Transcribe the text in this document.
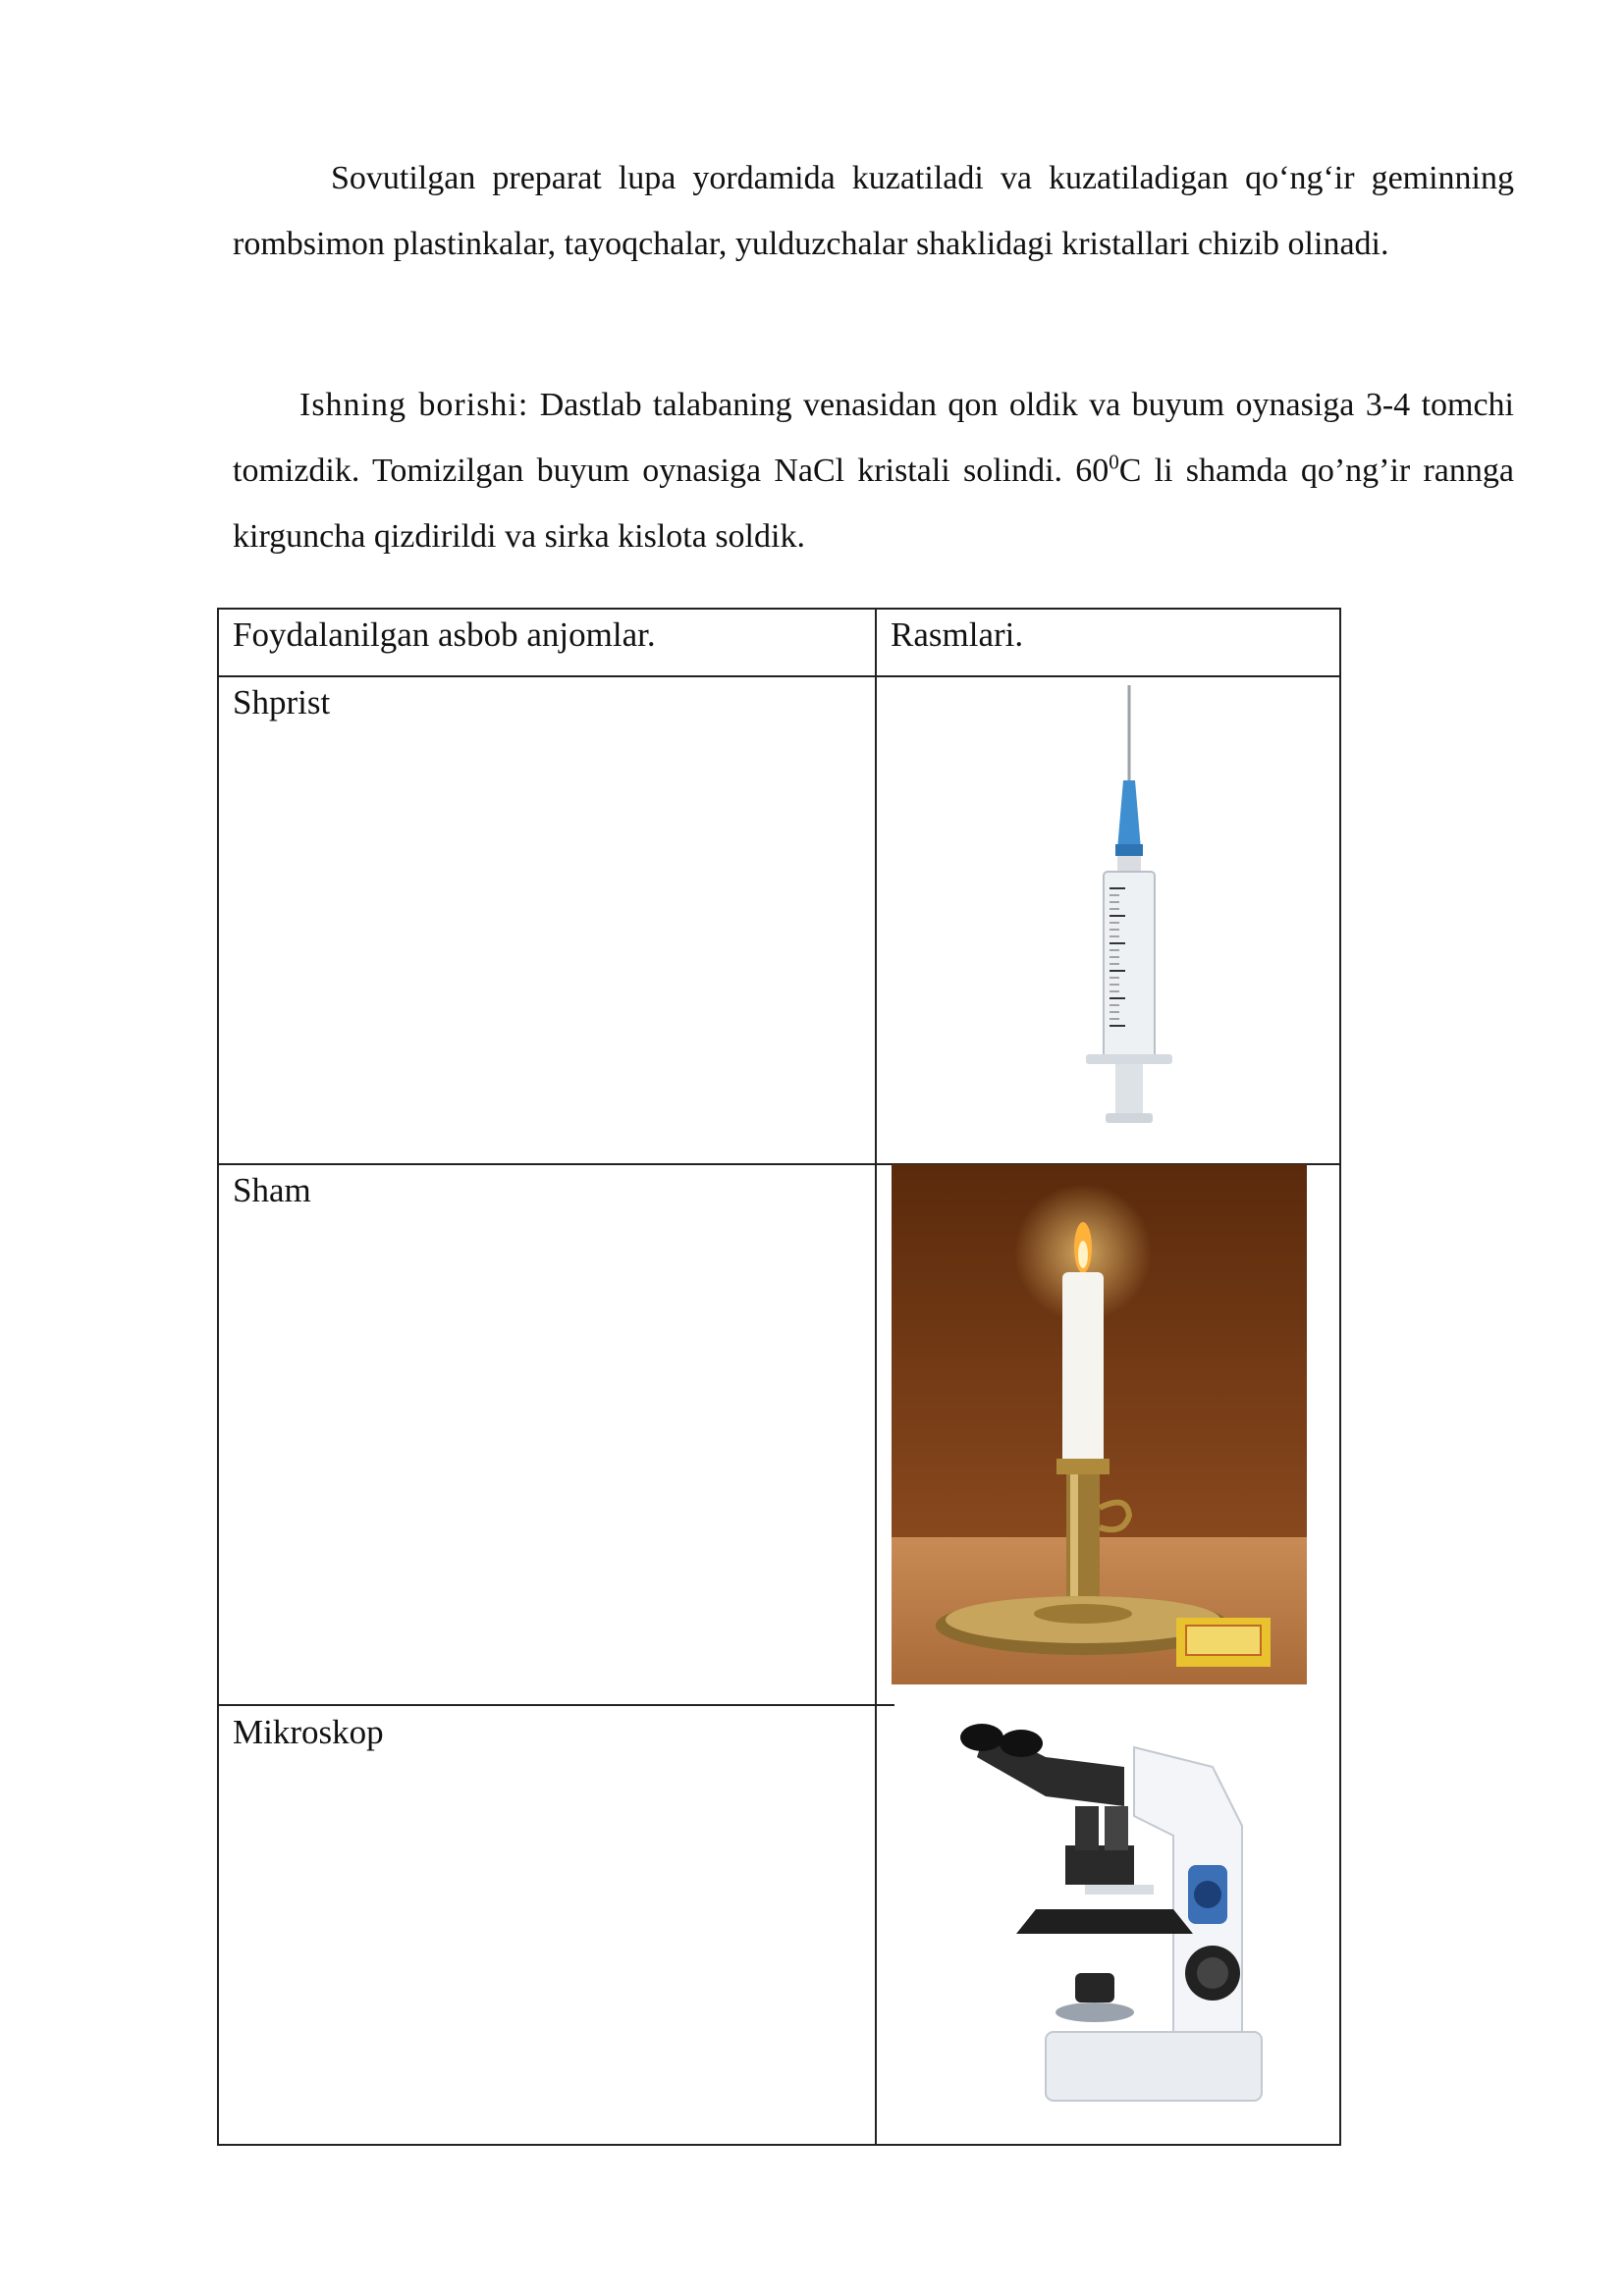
Sovutilgan preparat lupa yordamida kuzatiladi va kuzatiladigan qo‘ng‘ir geminning rombsimon plastinkalar, tayoqchalar, yulduzchalar shaklidagi kristallari chizib olinadi.

Ishning borishi: Dastlab talabaning venasidan qon oldik va buyum oynasiga 3-4 tomchi tomizdik. Tomizilgan buyum oynasiga NaCl kristali solindi. $60^0C$ li shamda qo’ng’ir rannga kirguncha qizdirildi va sirka kislota soldik.

Foydalanilgan asbob anjomlar.	Rasmlari.

Shprist

Sham

Mikroskop
